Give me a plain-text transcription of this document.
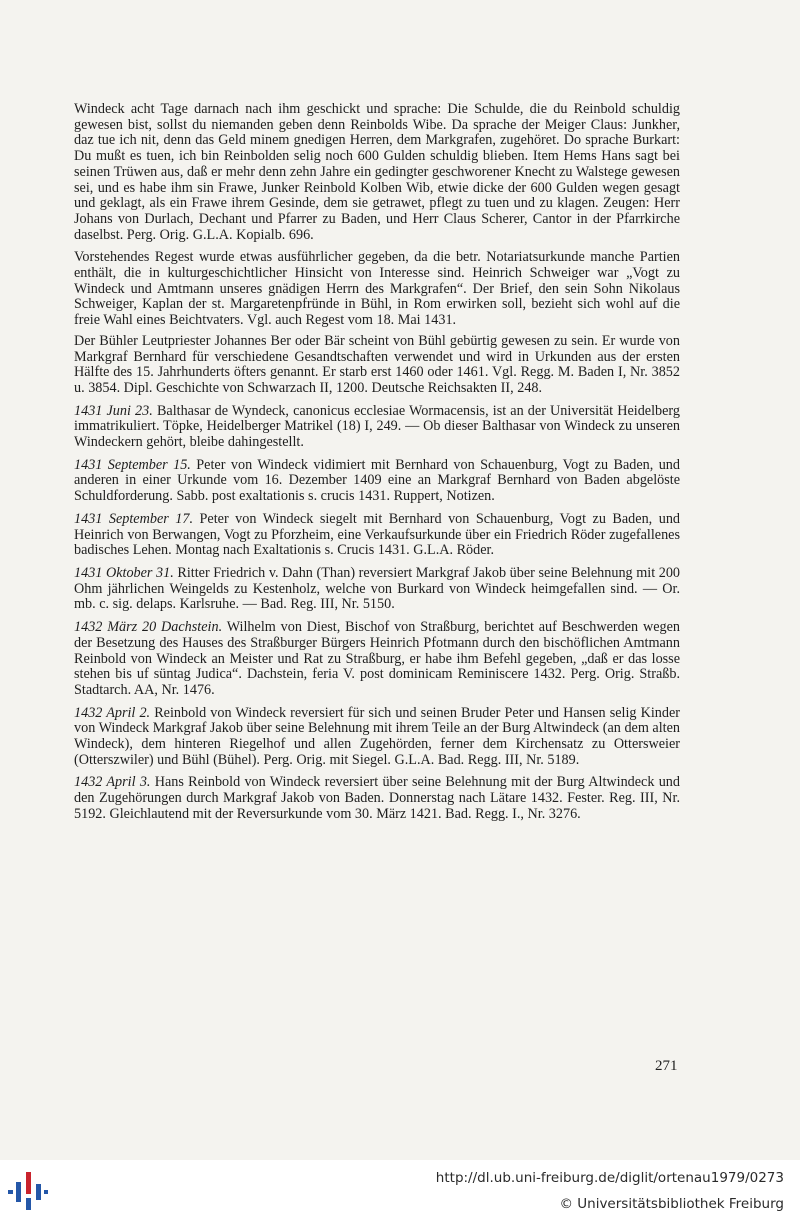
Windeck acht Tage darnach nach ihm geschickt und sprache: Die Schulde, die du Reinbold schuldig gewesen bist, sollst du niemanden geben denn Reinbolds Wibe. Da sprache der Meiger Claus: Junkher, daz tue ich nit, denn das Geld minem gnedigen Herren, dem Markgrafen, zugehöret. Do sprache Burkart: Du mußt es tuen, ich bin Reinbolden selig noch 600 Gulden schuldig blieben. Item Hems Hans sagt bei seinen Trüwen aus, daß er mehr denn zehn Jahre ein gedingter geschworener Knecht zu Walstege gewesen sei, und es habe ihm sin Frawe, Junker Reinbold Kolben Wib, etwie dicke der 600 Gulden wegen gesagt und geklagt, als ein Frawe ihrem Gesinde, dem sie getrawet, pflegt zu tuen und zu klagen. Zeugen: Herr Johans von Durlach, Dechant und Pfarrer zu Baden, und Herr Claus Scherer, Cantor in der Pfarrkirche daselbst. Perg. Orig. G.L.A. Kopialb. 696.

Vorstehendes Regest wurde etwas ausführlicher gegeben, da die betr. Notariatsurkunde manche Partien enthält, die in kulturgeschichtlicher Hinsicht von Interesse sind. Heinrich Schweiger war „Vogt zu Windeck und Amtmann unseres gnädigen Herrn des Markgrafen“. Der Brief, den sein Sohn Nikolaus Schweiger, Kaplan der st. Margaretenpfründe in Bühl, in Rom erwirken soll, bezieht sich wohl auf die freie Wahl eines Beichtvaters. Vgl. auch Regest vom 18. Mai 1431.

Der Bühler Leutpriester Johannes Ber oder Bär scheint von Bühl gebürtig gewesen zu sein. Er wurde von Markgraf Bernhard für verschiedene Gesandtschaften verwendet und wird in Urkunden aus der ersten Hälfte des 15. Jahrhunderts öfters genannt. Er starb erst 1460 oder 1461. Vgl. Regg. M. Baden I, Nr. 3852 u. 3854. Dipl. Geschichte von Schwarzach II, 1200. Deutsche Reichsakten II, 248.

1431 Juni 23. Balthasar de Wyndeck, canonicus ecclesiae Wormacensis, ist an der Universität Heidelberg immatrikuliert. Töpke, Heidelberger Matrikel (18) I, 249. — Ob dieser Balthasar von Windeck zu unseren Windeckern gehört, bleibe dahingestellt.

1431 September 15. Peter von Windeck vidimiert mit Bernhard von Schauenburg, Vogt zu Baden, und anderen in einer Urkunde vom 16. Dezember 1409 eine an Markgraf Bernhard von Baden abgelöste Schuldforderung. Sabb. post exaltationis s. crucis 1431. Ruppert, Notizen.

1431 September 17. Peter von Windeck siegelt mit Bernhard von Schauenburg, Vogt zu Baden, und Heinrich von Berwangen, Vogt zu Pforzheim, eine Verkaufsurkunde über ein Friedrich Röder zugefallenes badisches Lehen. Montag nach Exaltationis s. Crucis 1431. G.L.A. Röder.

1431 Oktober 31. Ritter Friedrich v. Dahn (Than) reversiert Markgraf Jakob über seine Belehnung mit 200 Ohm jährlichen Weingelds zu Kestenholz, welche von Burkard von Windeck heimgefallen sind. — Or. mb. c. sig. delaps. Karlsruhe. — Bad. Reg. III, Nr. 5150.

1432 März 20 Dachstein. Wilhelm von Diest, Bischof von Straßburg, berichtet auf Beschwerden wegen der Besetzung des Hauses des Straßburger Bürgers Heinrich Pfotmann durch den bischöflichen Amtmann Reinbold von Windeck an Meister und Rat zu Straßburg, er habe ihm Befehl gegeben, „daß er das losse stehen bis uf süntag Judica“. Dachstein, feria V. post dominicam Reminiscere 1432. Perg. Orig. Straßb. Stadtarch. AA, Nr. 1476.

1432 April 2. Reinbold von Windeck reversiert für sich und seinen Bruder Peter und Hansen selig Kinder von Windeck Markgraf Jakob über seine Belehnung mit ihrem Teile an der Burg Altwindeck (an dem alten Windeck), dem hinteren Riegelhof und allen Zugehörden, ferner dem Kirchensatz zu Ottersweier (Otterszwiler) und Bühl (Bühel). Perg. Orig. mit Siegel. G.L.A. Bad. Regg. III, Nr. 5189.

1432 April 3. Hans Reinbold von Windeck reversiert über seine Belehnung mit der Burg Altwindeck und den Zugehörungen durch Markgraf Jakob von Baden. Donnerstag nach Lätare 1432. Fester. Reg. III, Nr. 5192. Gleichlautend mit der Reversurkunde vom 30. März 1421. Bad. Regg. I., Nr. 3276.

271
http://dl.ub.uni-freiburg.de/diglit/ortenau1979/0273
© Universitätsbibliothek Freiburg
